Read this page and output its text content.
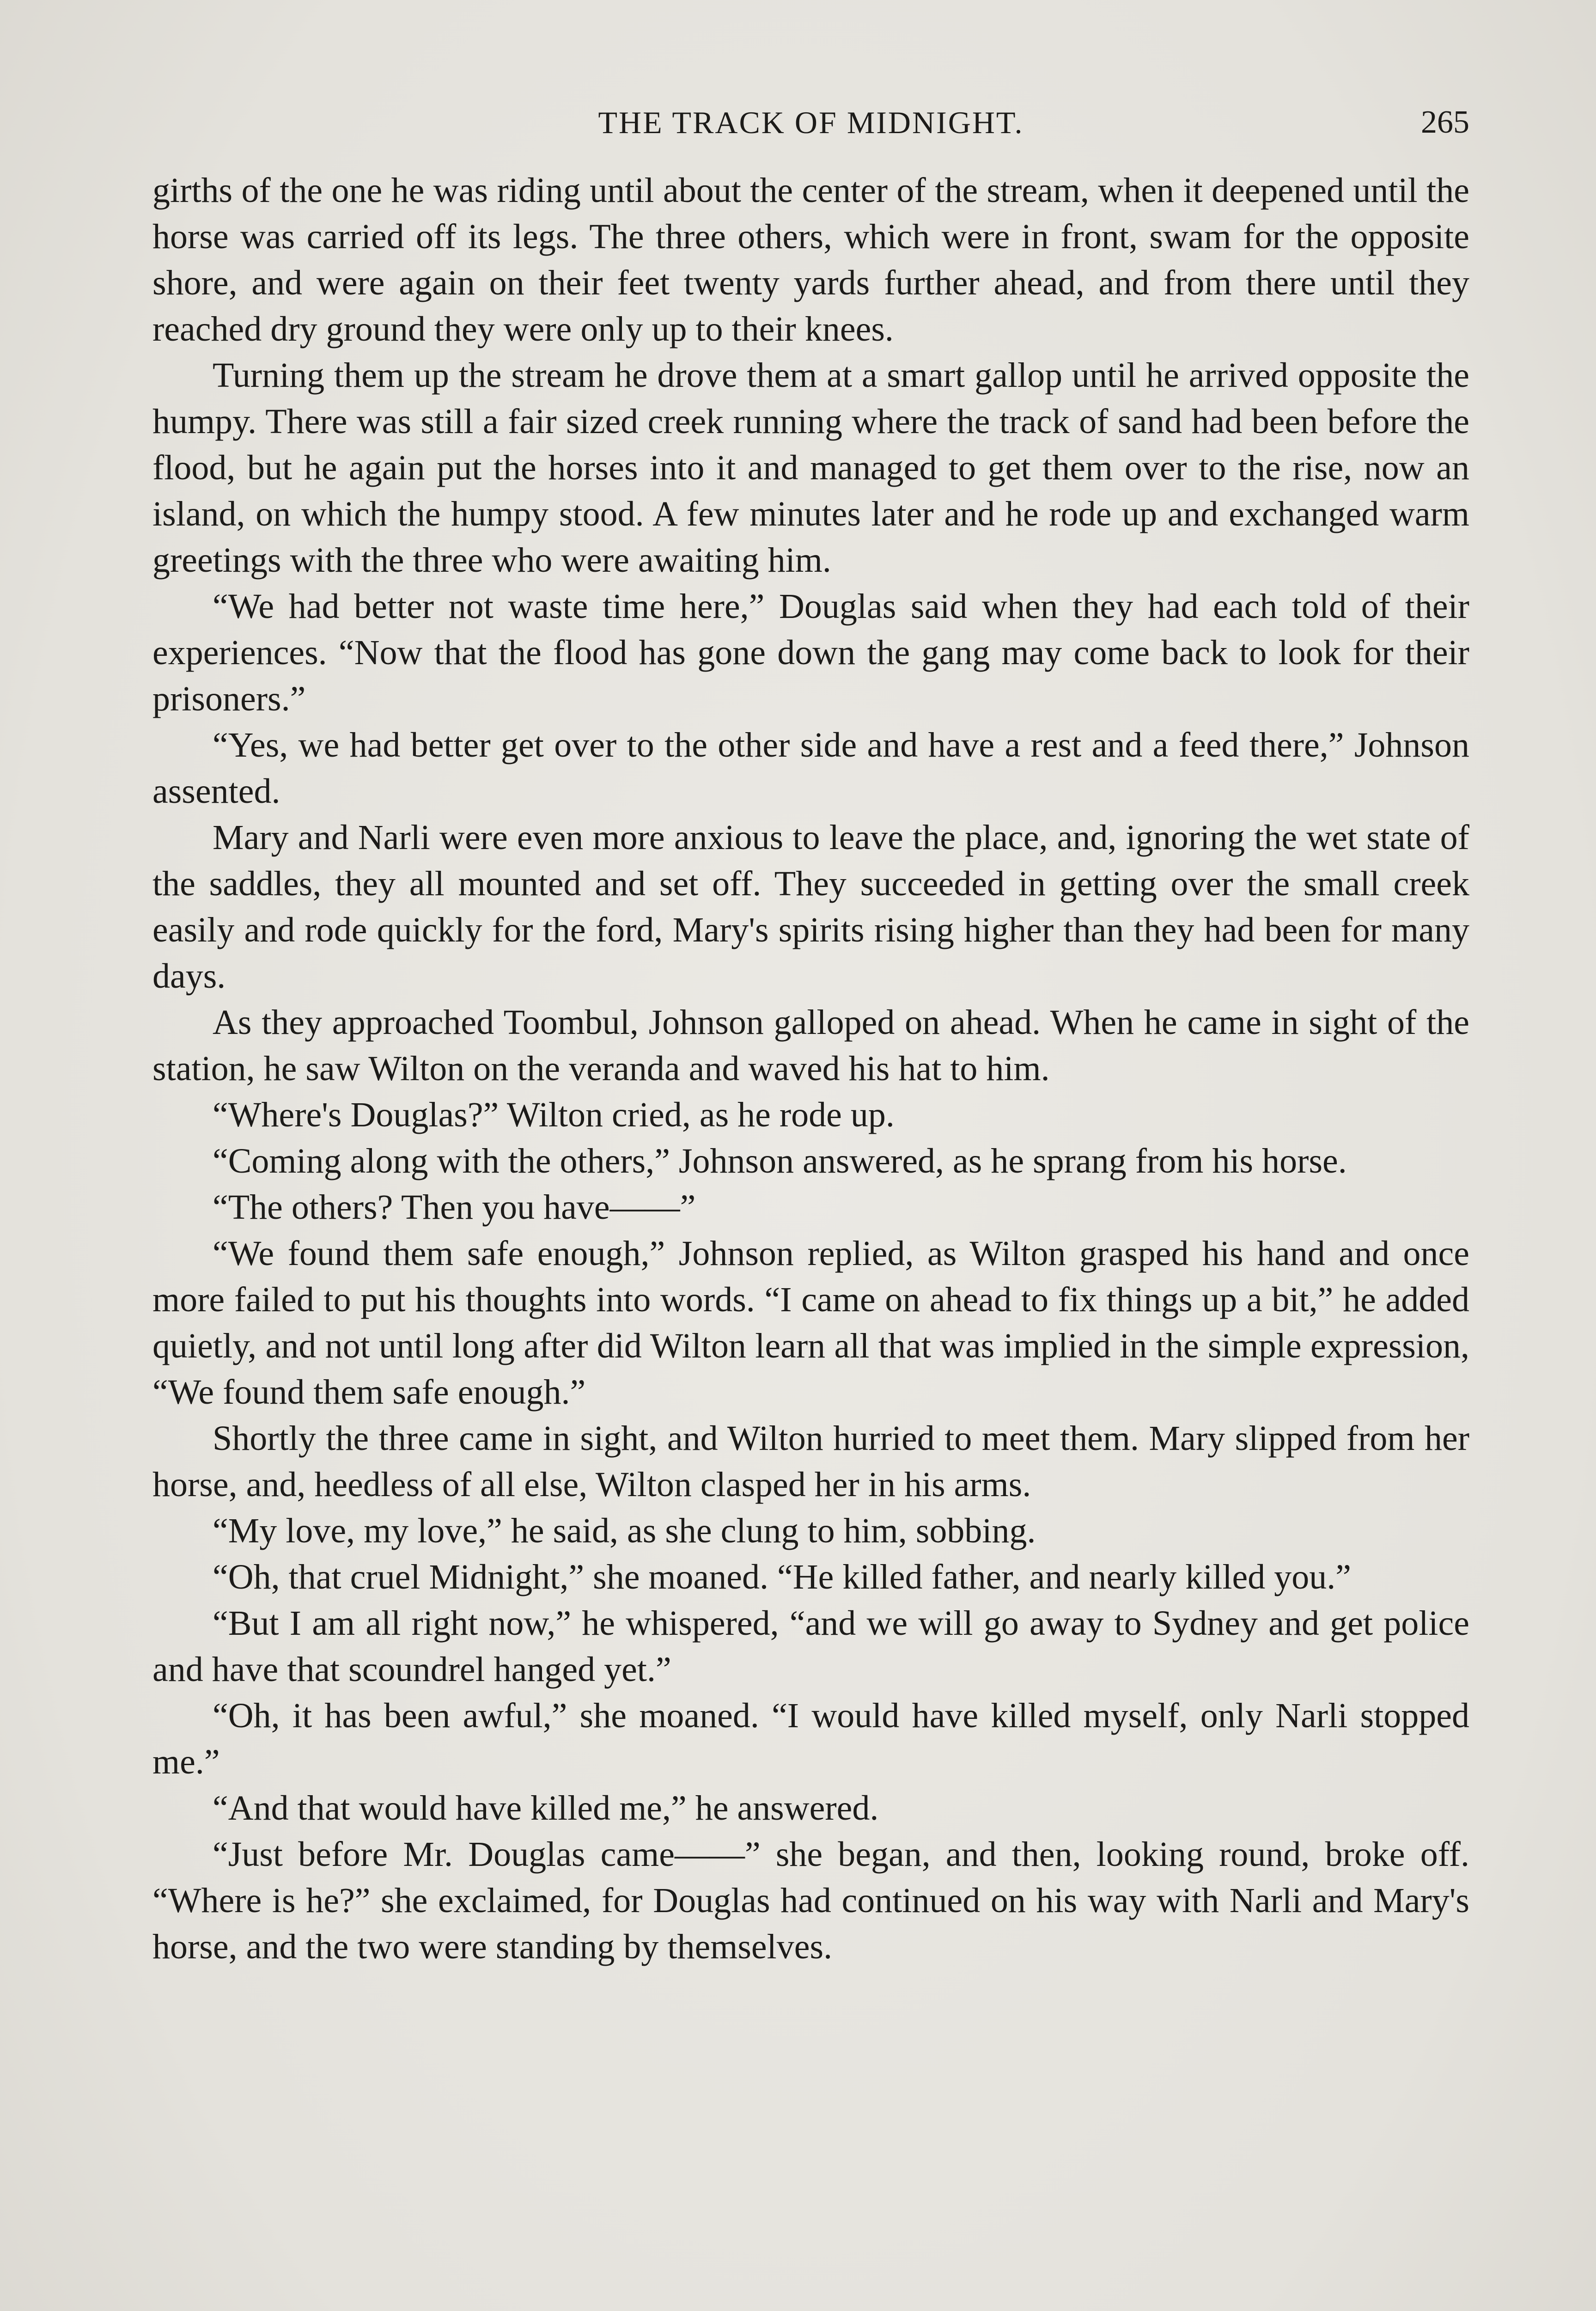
THE TRACK OF MIDNIGHT.	265

girths of the one he was riding until about the center of the stream, when it deepened until the horse was carried off its legs. The three others, which were in front, swam for the opposite shore, and were again on their feet twenty yards further ahead, and from there until they reached dry ground they were only up to their knees.

Turning them up the stream he drove them at a smart gallop until he arrived opposite the humpy. There was still a fair sized creek running where the track of sand had been before the flood, but he again put the horses into it and managed to get them over to the rise, now an island, on which the humpy stood. A few minutes later and he rode up and exchanged warm greetings with the three who were awaiting him.

“We had better not waste time here,” Douglas said when they had each told of their experiences. “Now that the flood has gone down the gang may come back to look for their prisoners.”

“Yes, we had better get over to the other side and have a rest and a feed there,” Johnson assented.

Mary and Narli were even more anxious to leave the place, and, ignoring the wet state of the saddles, they all mounted and set off. They succeeded in getting over the small creek easily and rode quickly for the ford, Mary's spirits rising higher than they had been for many days.

As they approached Toombul, Johnson galloped on ahead. When he came in sight of the station, he saw Wilton on the veranda and waved his hat to him.

“Where's Douglas?” Wilton cried, as he rode up.

“Coming along with the others,” Johnson answered, as he sprang from his horse.

“The others? Then you have——”

“We found them safe enough,” Johnson replied, as Wilton grasped his hand and once more failed to put his thoughts into words. “I came on ahead to fix things up a bit,” he added quietly, and not until long after did Wilton learn all that was implied in the simple expression, “We found them safe enough.”

Shortly the three came in sight, and Wilton hurried to meet them. Mary slipped from her horse, and, heedless of all else, Wilton clasped her in his arms.

“My love, my love,” he said, as she clung to him, sobbing.

“Oh, that cruel Midnight,” she moaned. “He killed father, and nearly killed you.”

“But I am all right now,” he whispered, “and we will go away to Sydney and get police and have that scoundrel hanged yet.”

“Oh, it has been awful,” she moaned. “I would have killed myself, only Narli stopped me.”

“And that would have killed me,” he answered.

“Just before Mr. Douglas came——” she began, and then, looking round, broke off. “Where is he?” she exclaimed, for Douglas had continued on his way with Narli and Mary's horse, and the two were standing by themselves.
